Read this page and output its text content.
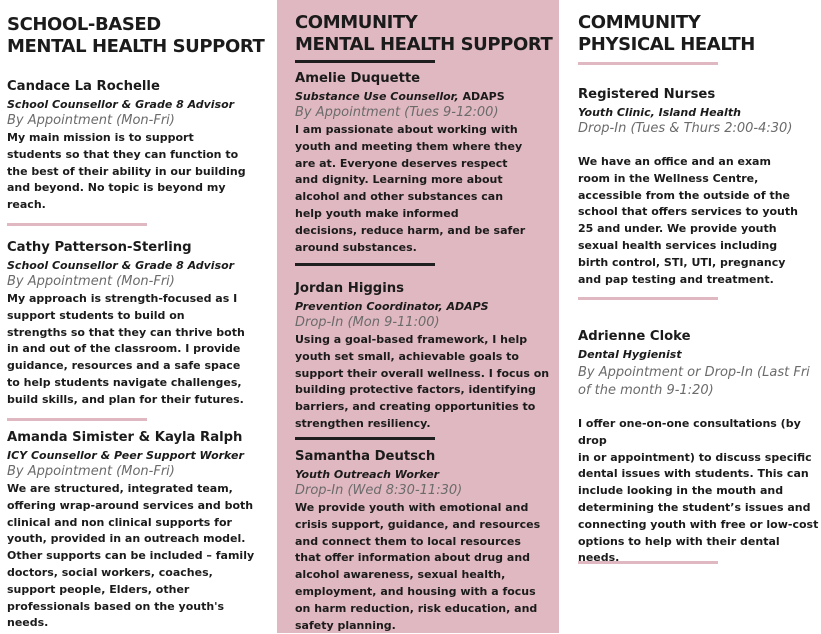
SCHOOL-BASED
MENTAL HEALTH SUPPORT

Candace La Rochelle

School Counsellor & Grade 8 Advisor

By Appointment (Mon-Fri)

My main mission is to support
students so that they can function to
the best of their ability in our building
and beyond. No topic is beyond my
reach.

Cathy Patterson-Sterling

School Counsellor & Grade 8 Advisor

By Appointment (Mon-Fri)

My approach is strength-focused as I
support students to build on
strengths so that they can thrive both
in and out of the classroom. I provide
guidance, resources and a safe space
to help students navigate challenges,
build skills, and plan for their futures.

Amanda Simister & Kayla Ralph

ICY Counsellor & Peer Support Worker

By Appointment (Mon-Fri)

We are structured, integrated team,
offering wrap-around services and both
clinical and non clinical supports for
youth, provided in an outreach model.
Other supports can be included – family
doctors, social workers, coaches,
support people, Elders, other
professionals based on the youth's
needs.

COMMUNITY
MENTAL HEALTH SUPPORT

Amelie Duquette

Substance Use Counsellor, ADAPS

By Appointment (Tues 9-12:00)

I am passionate about working with
youth and meeting them where they
are at. Everyone deserves respect
and dignity. Learning more about
alcohol and other substances can
help youth make informed
decisions, reduce harm, and be safer
around substances.

Jordan Higgins

Prevention Coordinator, ADAPS

Drop-In (Mon 9-11:00)

Using a goal-based framework, I help
youth set small, achievable goals to
support their overall wellness. I focus on
building protective factors, identifying
barriers, and creating opportunities to
strengthen resiliency.

Samantha Deutsch

Youth Outreach Worker

Drop-In (Wed 8:30-11:30)

We provide youth with emotional and
crisis support, guidance, and resources
and connect them to local resources
that offer information about drug and
alcohol awareness, sexual health,
employment, and housing with a focus
on harm reduction, risk education, and
safety planning.

COMMUNITY
PHYSICAL HEALTH

Registered Nurses

Youth Clinic, Island Health

Drop-In (Tues & Thurs 2:00-4:30)

We have an office and an exam
room in the Wellness Centre,
accessible from the outside of the
school that offers services to youth
25 and under. We provide youth
sexual health services including
birth control, STI, UTI, pregnancy
and pap testing and treatment.

Adrienne Cloke

Dental Hygienist

By Appointment or Drop-In (Last Fri
of the month 9-1:20)

I offer one-on-one consultations (by drop
in or appointment) to discuss specific
dental issues with students. This can
include looking in the mouth and
determining the student’s issues and
connecting youth with free or low-cost
options to help with their dental needs.
